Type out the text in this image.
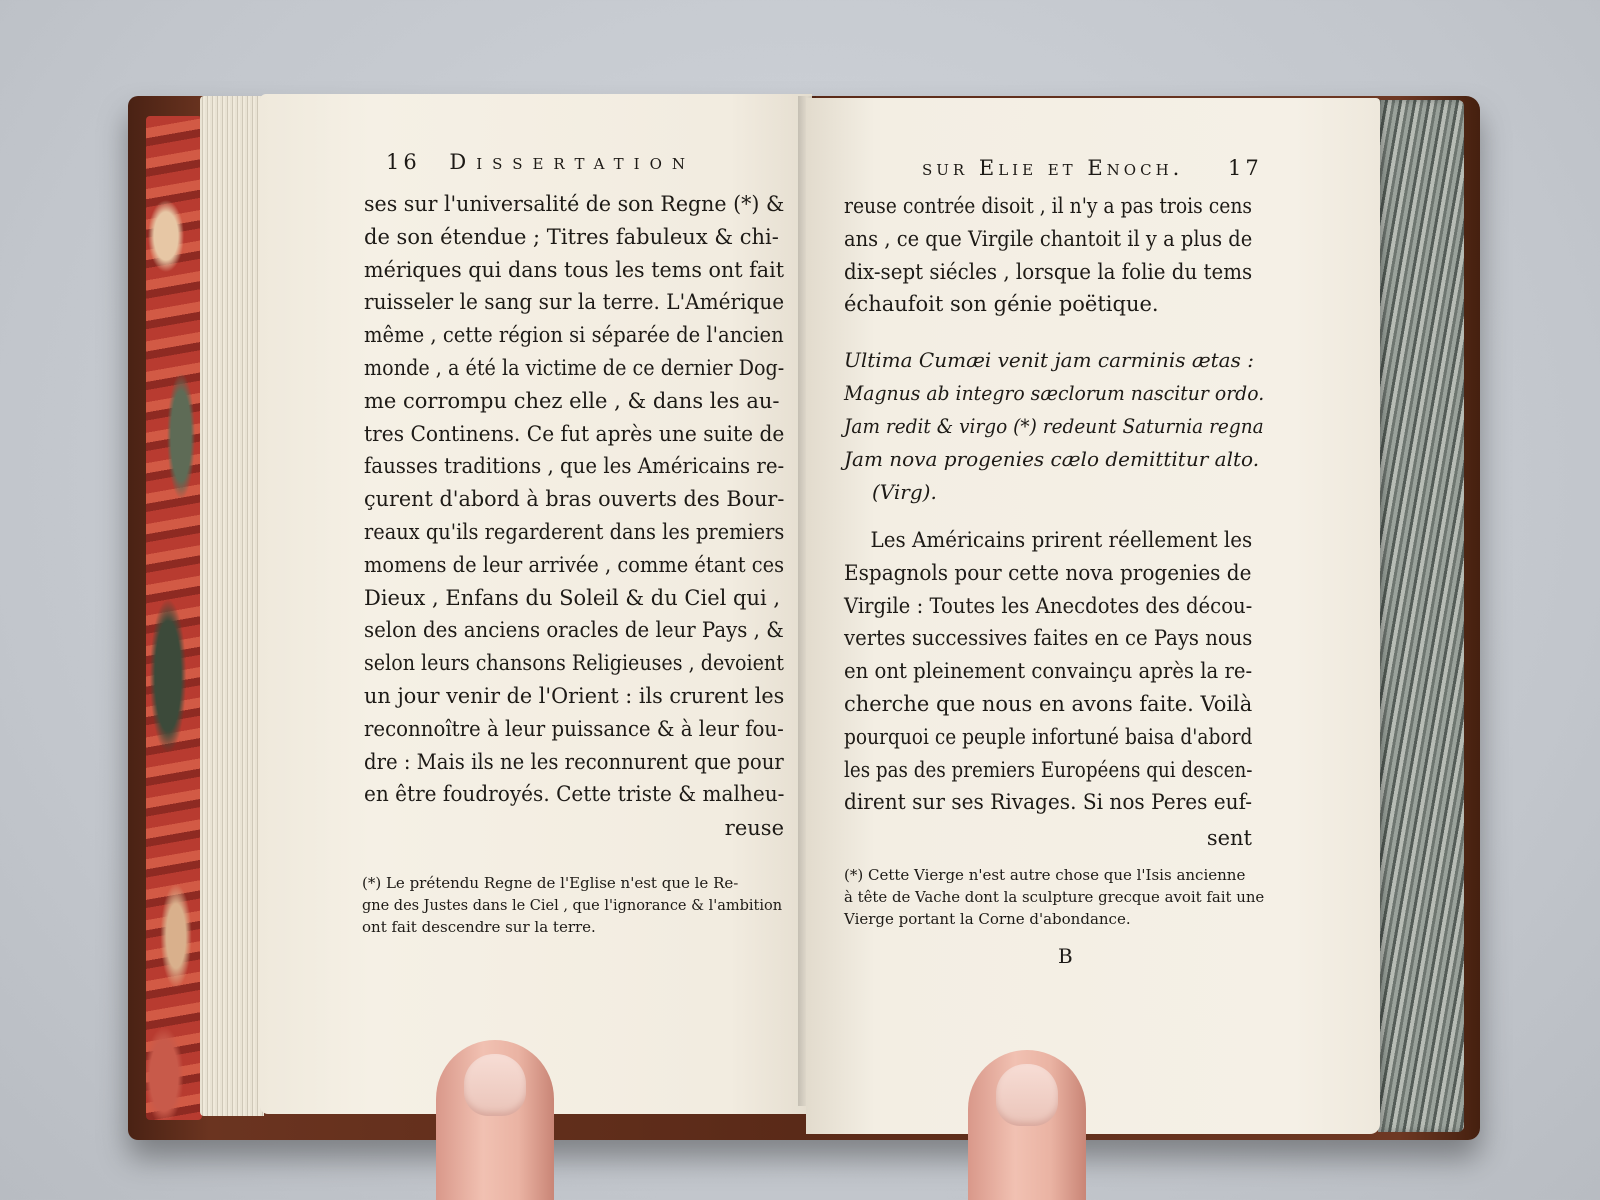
16 Dissertation
ses sur l'universalité de son Regne (*) &
de son étendue ; Titres fabuleux & chi-
mériques qui dans tous les tems ont fait
ruisseler le sang sur la terre. L'Amérique
même , cette région si séparée de l'ancien
monde , a été la victime de ce dernier Dog-
me corrompu chez elle , & dans les au-
tres Continens. Ce fut après une suite de
fausses traditions , que les Américains re-
çurent d'abord à bras ouverts des Bour-
reaux qu'ils regarderent dans les premiers
momens de leur arrivée , comme étant ces
Dieux , Enfans du Soleil & du Ciel qui ,
selon des anciens oracles de leur Pays , &
selon leurs chansons Religieuses , devoient
un jour venir de l'Orient : ils crurent les
reconnoître à leur puissance & à leur fou-
dre : Mais ils ne les reconnurent que pour
en être foudroyés. Cette triste & malheu-
reuse
(*) Le prétendu Regne de l'Eglise n'est que le Re-
gne des Justes dans le Ciel , que l'ignorance & l'ambition
ont fait descendre sur la terre.
sur Elie et Enoch. 17
reuse contrée disoit , il n'y a pas trois cens
ans , ce que Virgile chantoit il y a plus de
dix-sept siécles , lorsque la folie du tems
échaufoit son génie poëtique.
Ultima Cumæi venit jam carminis ætas :
Magnus ab integro sæclorum nascitur ordo.
Jam redit & virgo (*) redeunt Saturnia regna
Jam nova progenies cælo demittitur alto.
(Virg).
Les Américains prirent réellement les
Espagnols pour cette nova progenies de
Virgile : Toutes les Anecdotes des décou-
vertes successives faites en ce Pays nous
en ont pleinement convainçu après la re-
cherche que nous en avons faite. Voilà
pourquoi ce peuple infortuné baisa d'abord
les pas des premiers Européens qui descen-
dirent sur ses Rivages. Si nos Peres euf-
sent
(*) Cette Vierge n'est autre chose que l'Isis ancienne
à tête de Vache dont la sculpture grecque avoit fait une
Vierge portant la Corne d'abondance.
B
